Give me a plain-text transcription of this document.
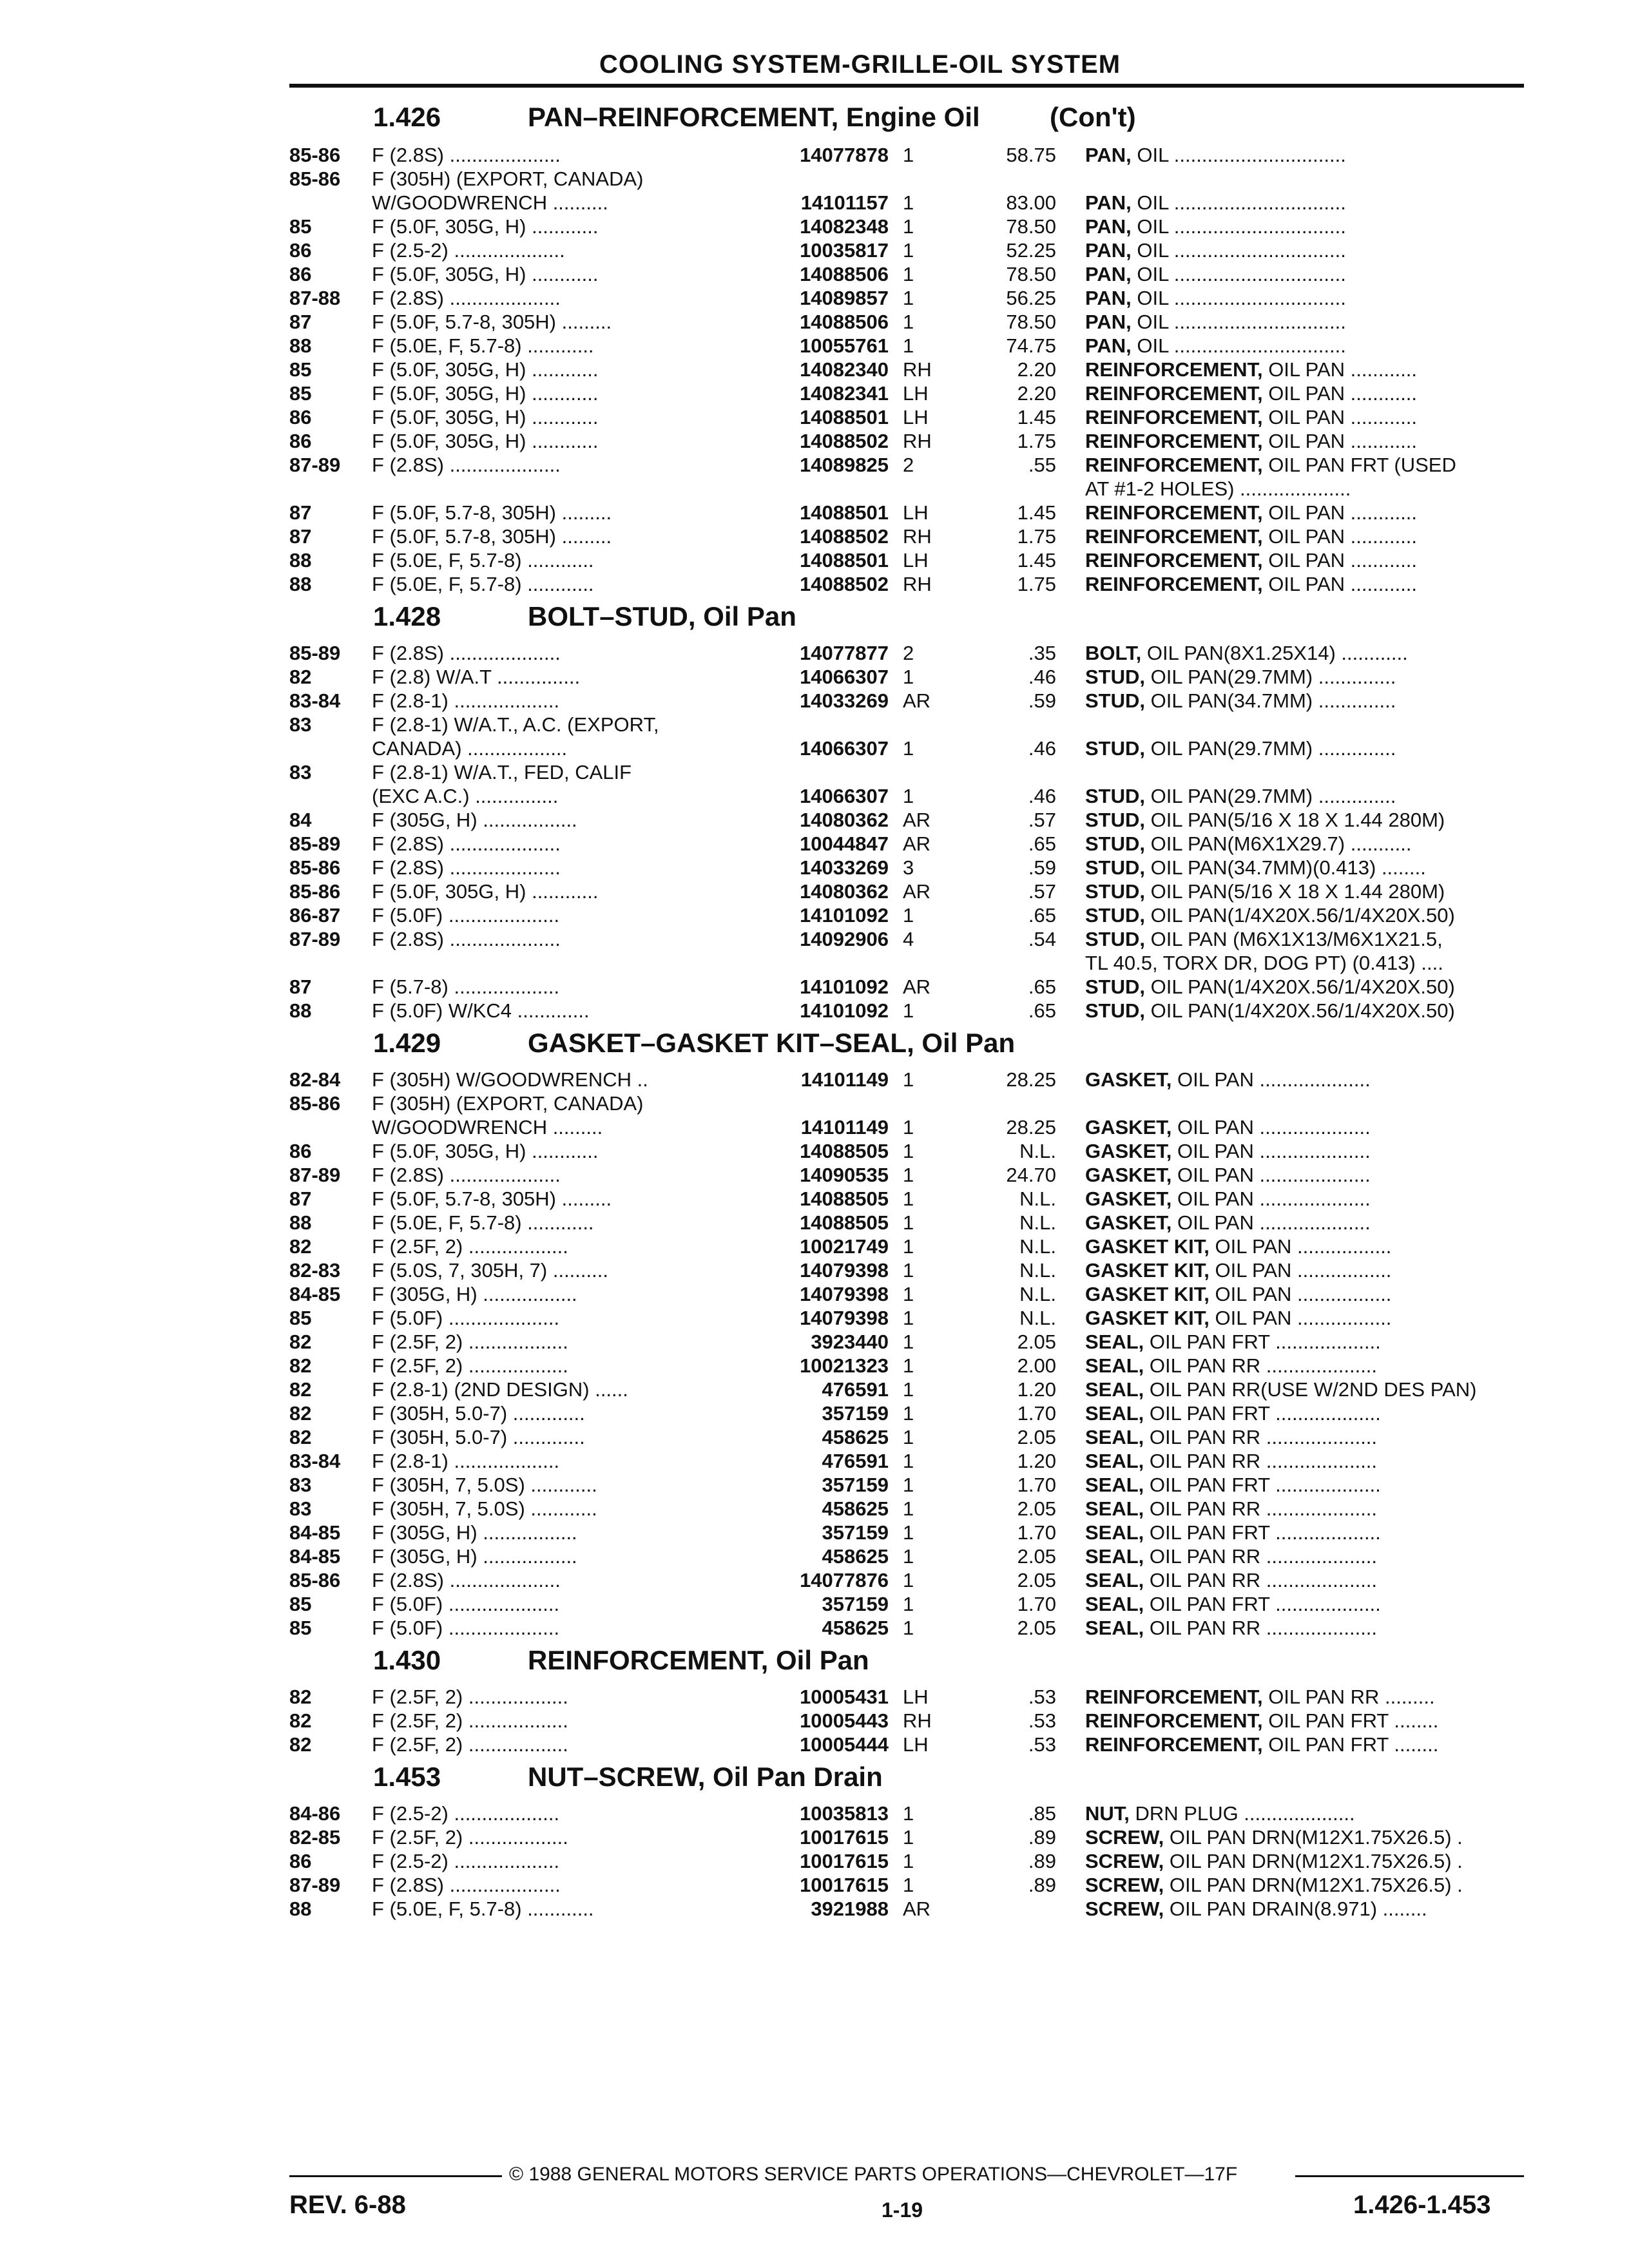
COOLING SYSTEM-GRILLE-OIL SYSTEM
1.426	PAN–REINFORCEMENT, Engine Oil	(Con't)
85-86	F (2.8S) ....................	14077878 1	58.75 PAN, OIL ...............................
85-86	F (305H) (EXPORT, CANADA)
W/GOODWRENCH ..........	14101157 1	83.00 PAN, OIL ...............................
85	F (5.0F, 305G, H) ............	14082348 1	78.50 PAN, OIL ...............................
86	F (2.5-2) ....................	10035817 1	52.25 PAN, OIL ...............................
86	F (5.0F, 305G, H) ............	14088506 1	78.50 PAN, OIL ...............................
87-88	F (2.8S) ....................	14089857 1	56.25 PAN, OIL ...............................
87	F (5.0F, 5.7-8, 305H) .........	14088506 1	78.50 PAN, OIL ...............................
88	F (5.0E, F, 5.7-8) ............	10055761 1	74.75 PAN, OIL ...............................
85	F (5.0F, 305G, H) ............	14082340 RH	2.20 REINFORCEMENT, OIL PAN ............
85	F (5.0F, 305G, H) ............	14082341 LH	2.20 REINFORCEMENT, OIL PAN ............
86	F (5.0F, 305G, H) ............	14088501 LH	1.45 REINFORCEMENT, OIL PAN ............
86	F (5.0F, 305G, H) ............	14088502 RH	1.75 REINFORCEMENT, OIL PAN ............
87-89	F (2.8S) ....................	14089825 2	.55 REINFORCEMENT, OIL PAN FRT (USED
AT #1-2 HOLES) ....................
87	F (5.0F, 5.7-8, 305H) .........	14088501 LH	1.45 REINFORCEMENT, OIL PAN ............
87	F (5.0F, 5.7-8, 305H) .........	14088502 RH	1.75 REINFORCEMENT, OIL PAN ............
88	F (5.0E, F, 5.7-8) ............	14088501 LH	1.45 REINFORCEMENT, OIL PAN ............
88	F (5.0E, F, 5.7-8) ............	14088502 RH	1.75 REINFORCEMENT, OIL PAN ............
1.428	BOLT–STUD, Oil Pan
85-89	F (2.8S) ....................	14077877 2	.35 BOLT, OIL PAN(8X1.25X14) ............
82	F (2.8) W/A.T ...............	14066307 1	.46 STUD, OIL PAN(29.7MM) ..............
83-84	F (2.8-1) ...................	14033269 AR	.59 STUD, OIL PAN(34.7MM) ..............
83	F (2.8-1) W/A.T., A.C. (EXPORT,
CANADA) ..................	14066307 1	.46 STUD, OIL PAN(29.7MM) ..............
83	F (2.8-1) W/A.T., FED, CALIF
(EXC A.C.) ...............	14066307 1	.46 STUD, OIL PAN(29.7MM) ..............
84	F (305G, H) .................	14080362 AR	.57 STUD, OIL PAN(5/16 X 18 X 1.44 280M)
85-89	F (2.8S) ....................	10044847 AR	.65 STUD, OIL PAN(M6X1X29.7) ...........
85-86	F (2.8S) ....................	14033269 3	.59 STUD, OIL PAN(34.7MM)(0.413) ........
85-86	F (5.0F, 305G, H) ............	14080362 AR	.57 STUD, OIL PAN(5/16 X 18 X 1.44 280M)
86-87	F (5.0F) ....................	14101092 1	.65 STUD, OIL PAN(1/4X20X.56/1/4X20X.50)
87-89	F (2.8S) ....................	14092906 4	.54 STUD, OIL PAN (M6X1X13/M6X1X21.5,
TL 40.5, TORX DR, DOG PT) (0.413) ....
87	F (5.7-8) ...................	14101092 AR	.65 STUD, OIL PAN(1/4X20X.56/1/4X20X.50)
88	F (5.0F) W/KC4 .............	14101092 1	.65 STUD, OIL PAN(1/4X20X.56/1/4X20X.50)
1.429	GASKET–GASKET KIT–SEAL, Oil Pan
82-84	F (305H) W/GOODWRENCH ..	14101149 1	28.25 GASKET, OIL PAN ....................
85-86	F (305H) (EXPORT, CANADA)
W/GOODWRENCH .........	14101149 1	28.25 GASKET, OIL PAN ....................
86	F (5.0F, 305G, H) ............	14088505 1	N.L. GASKET, OIL PAN ....................
87-89	F (2.8S) ....................	14090535 1	24.70 GASKET, OIL PAN ....................
87	F (5.0F, 5.7-8, 305H) .........	14088505 1	N.L. GASKET, OIL PAN ....................
88	F (5.0E, F, 5.7-8) ............	14088505 1	N.L. GASKET, OIL PAN ....................
82	F (2.5F, 2) ..................	10021749 1	N.L. GASKET KIT, OIL PAN .................
82-83	F (5.0S, 7, 305H, 7) ..........	14079398 1	N.L. GASKET KIT, OIL PAN .................
84-85	F (305G, H) .................	14079398 1	N.L. GASKET KIT, OIL PAN .................
85	F (5.0F) ....................	14079398 1	N.L. GASKET KIT, OIL PAN .................
82	F (2.5F, 2) ..................	3923440 1	2.05 SEAL, OIL PAN FRT ...................
82	F (2.5F, 2) ..................	10021323 1	2.00 SEAL, OIL PAN RR ....................
82	F (2.8-1) (2ND DESIGN) ......	476591 1	1.20 SEAL, OIL PAN RR(USE W/2ND DES PAN)
82	F (305H, 5.0-7) .............	357159 1	1.70 SEAL, OIL PAN FRT ...................
82	F (305H, 5.0-7) .............	458625 1	2.05 SEAL, OIL PAN RR ....................
83-84	F (2.8-1) ...................	476591 1	1.20 SEAL, OIL PAN RR ....................
83	F (305H, 7, 5.0S) ............	357159 1	1.70 SEAL, OIL PAN FRT ...................
83	F (305H, 7, 5.0S) ............	458625 1	2.05 SEAL, OIL PAN RR ....................
84-85	F (305G, H) .................	357159 1	1.70 SEAL, OIL PAN FRT ...................
84-85	F (305G, H) .................	458625 1	2.05 SEAL, OIL PAN RR ....................
85-86	F (2.8S) ....................	14077876 1	2.05 SEAL, OIL PAN RR ....................
85	F (5.0F) ....................	357159 1	1.70 SEAL, OIL PAN FRT ...................
85	F (5.0F) ....................	458625 1	2.05 SEAL, OIL PAN RR ....................
1.430	REINFORCEMENT, Oil Pan
82	F (2.5F, 2) ..................	10005431 LH	.53 REINFORCEMENT, OIL PAN RR .........
82	F (2.5F, 2) ..................	10005443 RH	.53 REINFORCEMENT, OIL PAN FRT ........
82	F (2.5F, 2) ..................	10005444 LH	.53 REINFORCEMENT, OIL PAN FRT ........
1.453	NUT–SCREW, Oil Pan Drain
84-86	F (2.5-2) ...................	10035813 1	.85 NUT, DRN PLUG ....................
82-85	F (2.5F, 2) ..................	10017615 1	.89 SCREW, OIL PAN DRN(M12X1.75X26.5) .
86	F (2.5-2) ...................	10017615 1	.89 SCREW, OIL PAN DRN(M12X1.75X26.5) .
87-89	F (2.8S) ....................	10017615 1	.89 SCREW, OIL PAN DRN(M12X1.75X26.5) .
88	F (5.0E, F, 5.7-8) ............	3921988 AR	SCREW, OIL PAN DRAIN(8.971) ........
© 1988 GENERAL MOTORS SERVICE PARTS OPERATIONS—CHEVROLET—17F
REV. 6-88	1-19	1.426-1.453
